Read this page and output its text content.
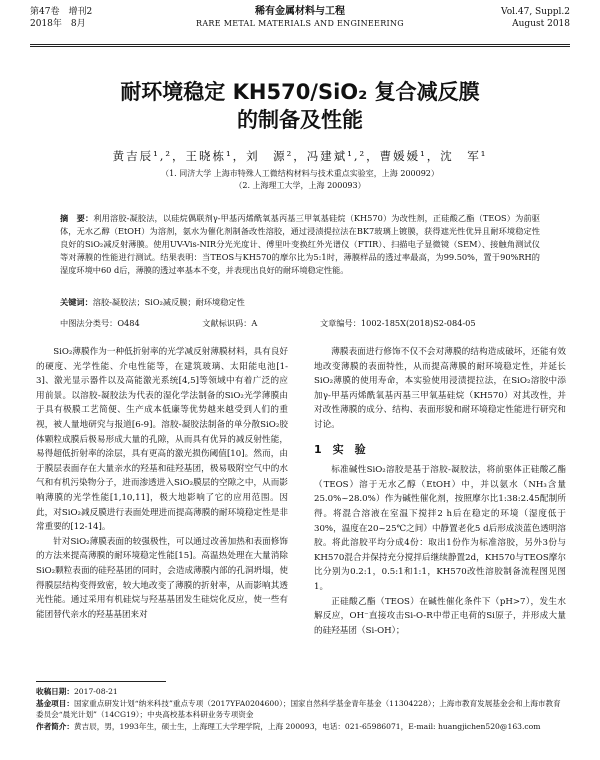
第47卷　增刊2
2018年　8月
稀有金属材料与工程
RARE METAL MATERIALS AND ENGINEERING
Vol.47, Suppl.2
August 2018
耐环境稳定 KH570/SiO₂ 复合减反膜
的制备及性能
黄吉辰¹,²，王晓栋¹，刘　源²，冯建斌¹,²，曹媛媛¹，沈　军¹
（1. 同济大学 上海市特殊人工微结构材料与技术重点实验室，上海 200092）
（2. 上海理工大学，上海 200093）
摘　要：利用溶胶-凝胶法，以硅烷偶联剂γ-甲基丙烯酰氧基丙基三甲氧基硅烷（KH570）为改性剂，正硅酸乙酯（TEOS）为前驱体，无水乙醇（EtOH）为溶剂，氨水为催化剂制备改性溶胶，通过浸渍提拉法在BK7玻璃上镀膜，获得遮光性优异且耐环境稳定性良好的SiO₂减反射薄膜。使用UV-Vis-NIR分光光度计、傅里叶变换红外光谱仪（FTIR）、扫描电子显微镜（SEM）、接触角测试仪等对薄膜的性能进行测试。结果表明：当TEOS与KH570的摩尔比为5:1时，薄膜样品的透过率最高，为99.50%，置于90%RH的湿度环境中60 d后，薄膜的透过率基本不变，并表现出良好的耐环境稳定性能。
关键词：溶胶-凝胶法；SiO₂减反膜；耐环境稳定性
中图法分类号：O484	文献标识码：A	文章编号：1002-185X(2018)S2-084-05

SiO₂薄膜作为一种低折射率的光学减反射薄膜材料，具有良好的硬度、光学性能、介电性能等，在建筑玻璃、太阳能电池[1-3]、激光显示器件以及高能激光系统[4,5]等领域中有着广泛的应用前景。以溶胶-凝胶法为代表的湿化学法制备的SiO₂光学薄膜由于具有极膜工艺简便、生产成本低廉等优势越来越受到人们的重视，被人量地研究与报道[6-9]。溶胶-凝胶法制备的单分散SiO₂胶体颗粒成膜后极易形成大量的孔隙，从而具有优异的减反射性能，易得超低折射率的涂层，具有更高的激光损伤阈值[10]。然而，由于膜层表面存在大量亲水的羟基和硅羟基团，极易吸附空气中的水气和有机污染物分子，进而渗透进入SiO₂膜层的空隙之中，从而影响薄膜的光学性能[1,10,11]，极大地影响了它的应用范围。因此，对SiO₂减反膜进行表面处理进而提高薄膜的耐环境稳定性是非常重要的[12-14]。

针对SiO₂薄膜表面的较强极性，可以通过改善加热和表面修饰的方法来提高薄膜的耐环境稳定性能[15]。高温热处理在大量消除SiO₂颗粒表面的硅羟基团的同时，会造成薄膜内部的孔洞坍塌，使得膜层结构变得致密，较大地改变了薄膜的折射率，从而影响其透光性能。通过采用有机硅烷与羟基基团发生硅烷化反应，使一些有能团替代亲水的羟基基团来对

薄膜表面进行修饰不仅不会对薄膜的结构造成破坏，还能有效地改变薄膜的表面特性，从而提高薄膜的耐环境稳定性，并延长SiO₂薄膜的使用寿命，本实验使用浸渍提拉法，在SiO₂溶胶中添加γ-甲基丙烯酰氧基丙基三甲氧基硅烷（KH570）对其改性，并对改性薄膜的成分、结构、表面形貌和耐环境稳定性能进行研究和讨论。

1　实　验

标准碱性SiO₂溶胶是基于溶胶-凝胶法，将前驱体正硅酸乙酯（TEOS）溶于无水乙醇（EtOH）中，并以氨水（NH₃含量25.0%~28.0%）作为碱性催化剂，按照摩尔比1:38:2.45配制所得。将混合溶液在室温下搅拌2 h后在稳定的环境（湿度低于30%，温度在20~25℃之间）中静置老化5 d后形成淡蓝色透明溶胶。将此溶胶平均分成4份：取出1份作为标准溶胶，另外3份与KH570混合并保持充分搅拌后继续静置2d，KH570与TEOS摩尔比分别为0.2:1，0.5:1和1:1，KH570改性溶胶制备流程图见图1。

正硅酸乙酯（TEOS）在碱性催化条件下（pH>7），发生水解反应，OH⁻直接攻击Si-O-R中带正电荷的Si原子，并形成大量的硅羟基团（Si-OH）；

收稿日期：2017-08-21
基金项目：国家重点研发计划“纳米科技”重点专项（2017YFA0204600）；国家自然科学基金青年基金（11304228）；上海市教育发展基金会和上海市教育委员会“晨光计划”（14CG19）；中央高校基本科研业务专项资金
作者简介：黄吉辰，男，1993年生，硕士生，上海理工大学理学院，上海 200093，电话：021-65986071，E-mail: huangjichen520@163.com
